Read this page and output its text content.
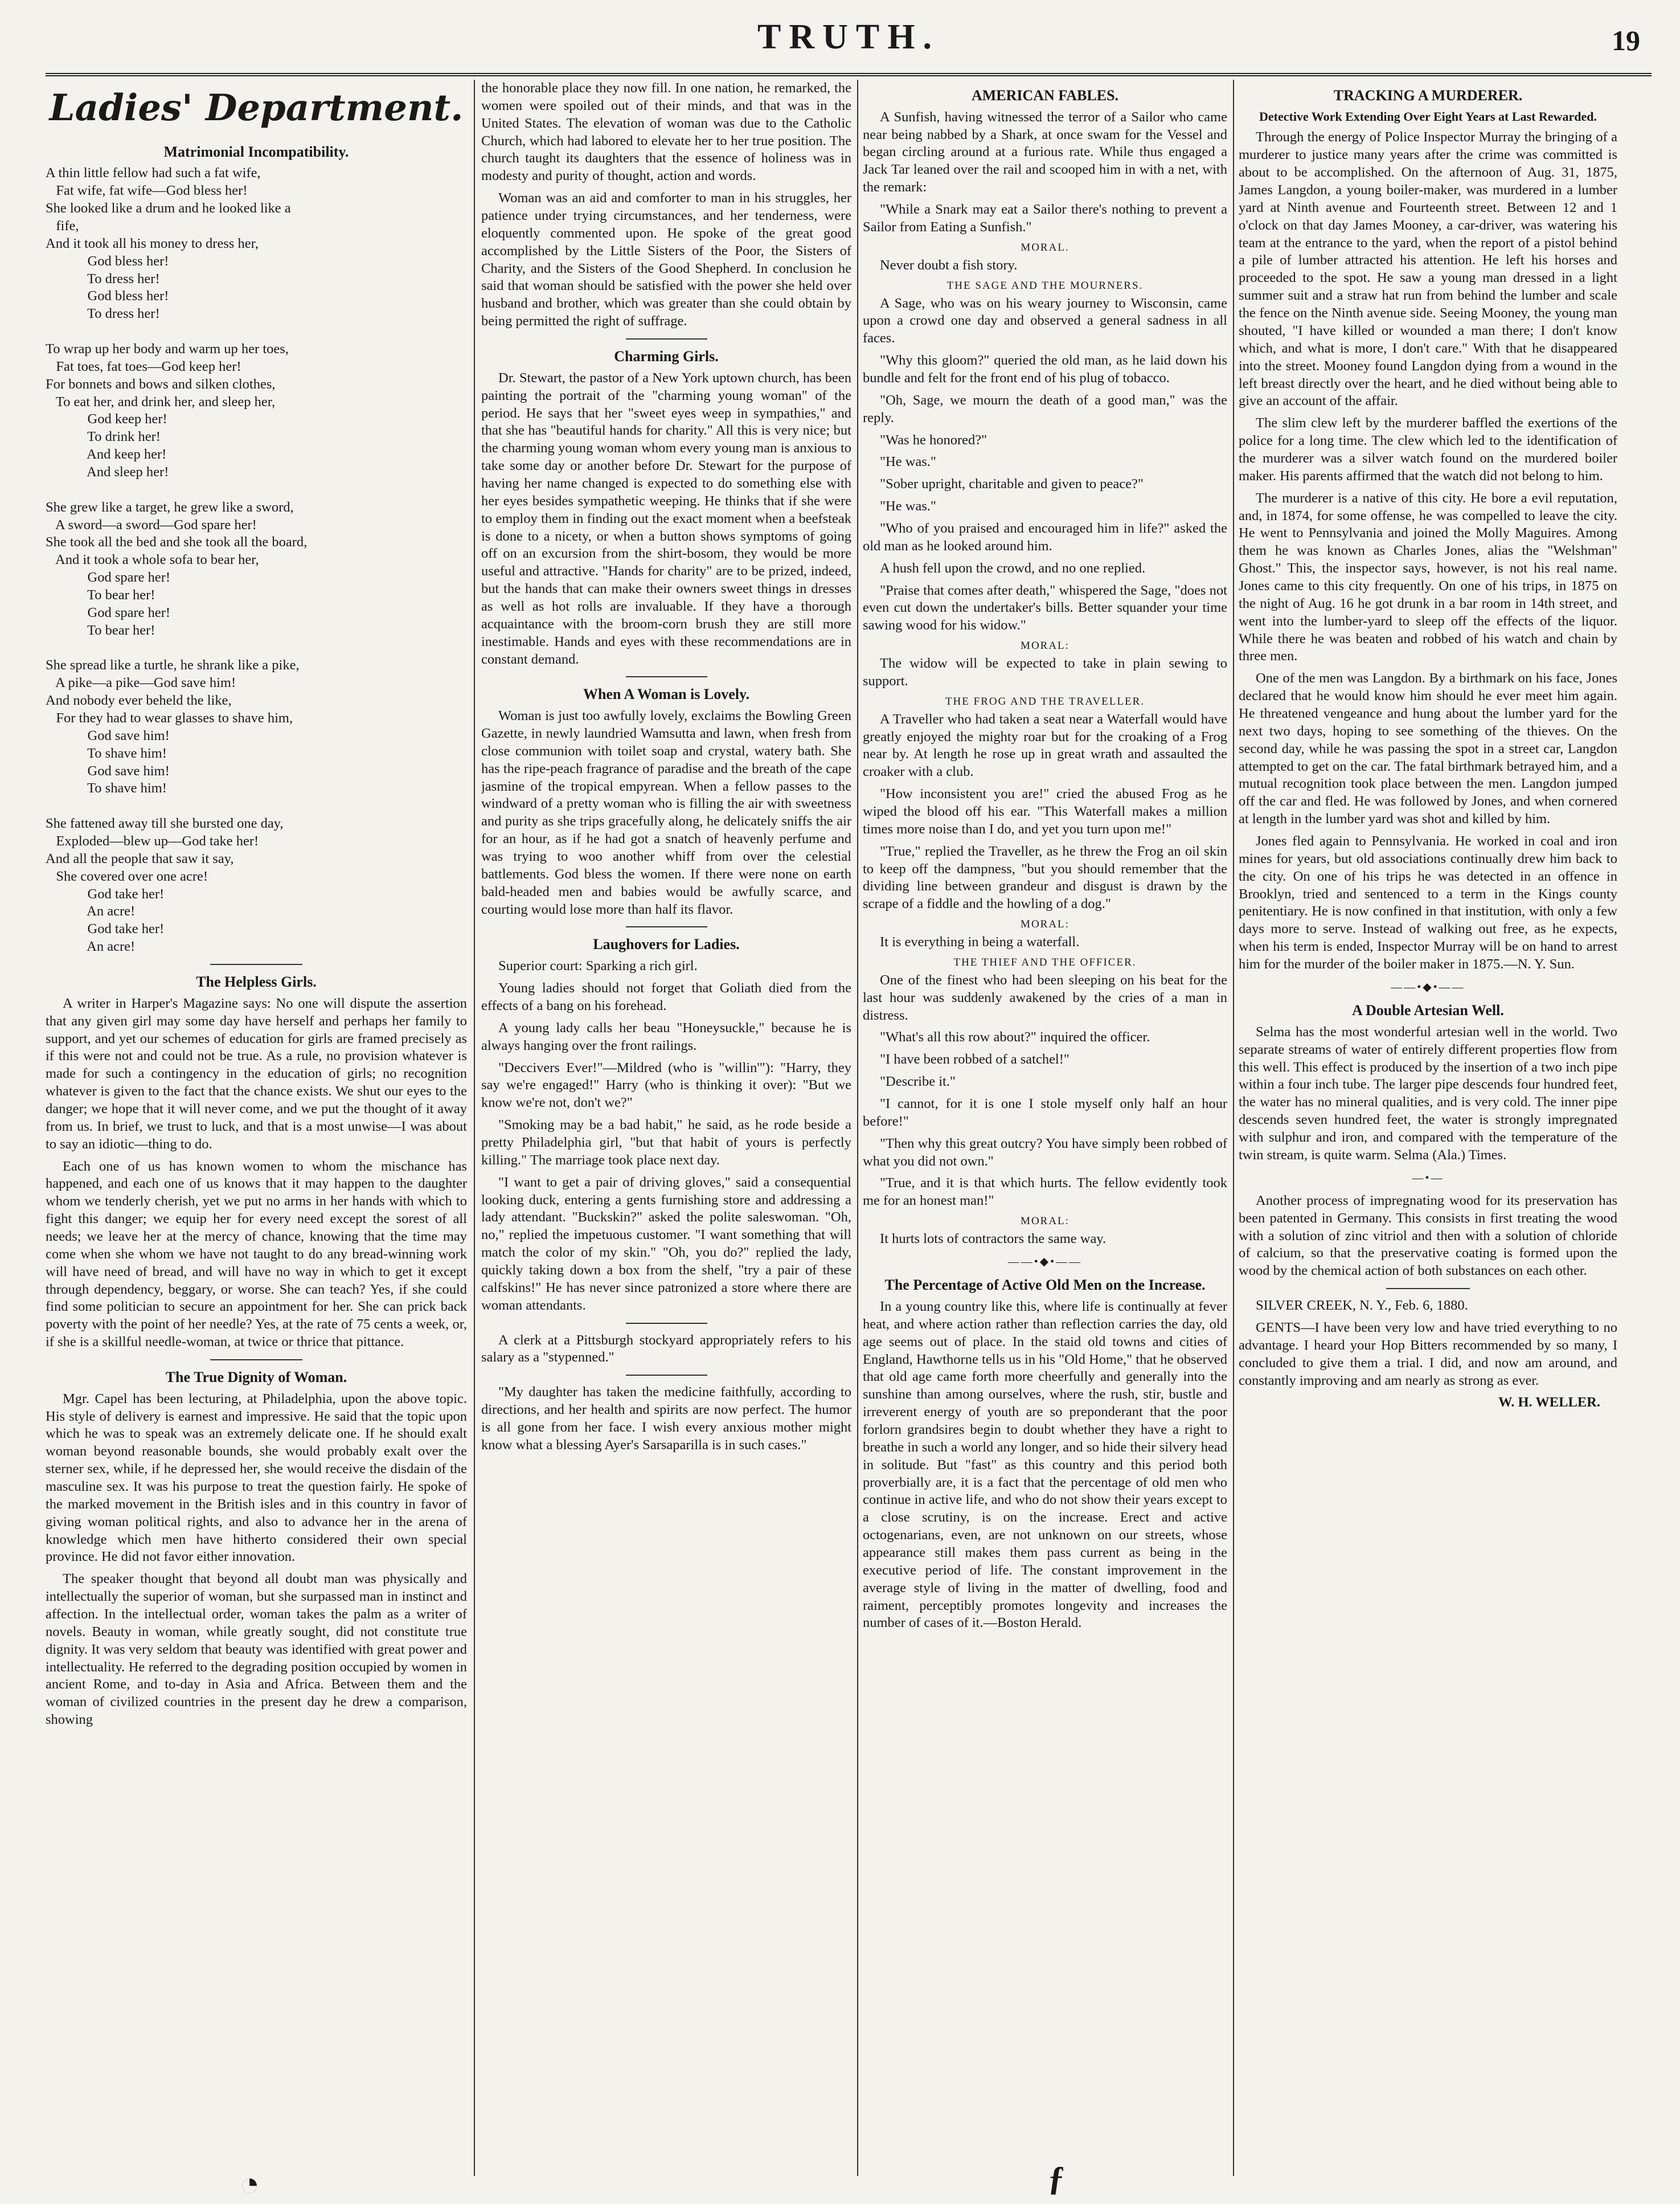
TRUTH.	19
Ladies' Department.
Matrimonial Incompatibility.
A thin little fellow had such a fat wife,
Fat wife, fat wife—God bless her!
She looked like a drum and he looked like a
fife,
And it took all his money to dress her,
God bless her!
To dress her!
God bless her!
To dress her!

To wrap up her body and warm up her toes,
Fat toes, fat toes—God keep her!
For bonnets and bows and silken clothes,
To eat her, and drink her, and sleep her,
God keep her!
To drink her!
And keep her!
And sleep her!

She grew like a target, he grew like a sword,
A sword—a sword—God spare her!
She took all the bed and she took all the board,
And it took a whole sofa to bear her,
God spare her!
To bear her!
God spare her!
To bear her!

She spread like a turtle, he shrank like a pike,
A pike—a pike—God save him!
And nobody ever beheld the like,
For they had to wear glasses to shave him,
God save him!
To shave him!
God save him!
To shave him!

She fattened away till she bursted one day,
Exploded—blew up—God take her!
And all the people that saw it say,
She covered over one acre!
God take her!
An acre!
God take her!
An acre!
The Helpless Girls.

A writer in Harper's Magazine says: No one will dispute the assertion that any given girl may some day have herself and perhaps her family to support, and yet our schemes of education for girls are framed precisely as if this were not and could not be true. As a rule, no provision whatever is made for such a contingency in the education of girls; no recognition whatever is given to the fact that the chance exists. We shut our eyes to the danger; we hope that it will never come, and we put the thought of it away from us. In brief, we trust to luck, and that is a most unwise—I was about to say an idiotic—thing to do.

Each one of us has known women to whom the mischance has happened, and each one of us knows that it may happen to the daughter whom we tenderly cherish, yet we put no arms in her hands with which to fight this danger; we equip her for every need except the sorest of all needs; we leave her at the mercy of chance, knowing that the time may come when she whom we have not taught to do any bread-winning work will have need of bread, and will have no way in which to get it except through dependency, beggary, or worse. She can teach? Yes, if she could find some politician to secure an appointment for her. She can prick back poverty with the point of her needle? Yes, at the rate of 75 cents a week, or, if she is a skillful needle-woman, at twice or thrice that pittance.

The True Dignity of Woman.

Mgr. Capel has been lecturing, at Philadelphia, upon the above topic. His style of delivery is earnest and impressive. He said that the topic upon which he was to speak was an extremely delicate one. If he should exalt woman beyond reasonable bounds, she would probably exalt over the sterner sex, while, if he depressed her, she would receive the disdain of the masculine sex. It was his purpose to treat the question fairly. He spoke of the marked movement in the British isles and in this country in favor of giving woman political rights, and also to advance her in the arena of knowledge which men have hitherto considered their own special province. He did not favor either innovation.

The speaker thought that beyond all doubt man was physically and intellectually the superior of woman, but she surpassed man in instinct and affection. In the intellectual order, woman takes the palm as a writer of novels. Beauty in woman, while greatly sought, did not constitute true dignity. It was very seldom that beauty was identified with great power and intellectuality. He referred to the degrading position occupied by women in ancient Rome, and to-day in Asia and Africa. Between them and the woman of civilized countries in the present day he drew a comparison, showing

the honorable place they now fill. In one nation, he remarked, the women were spoiled out of their minds, and that was in the United States. The elevation of woman was due to the Catholic Church, which had labored to elevate her to her true position. The church taught its daughters that the essence of holiness was in modesty and purity of thought, action and words.

Woman was an aid and comforter to man in his struggles, her patience under trying circumstances, and her tenderness, were eloquently commented upon. He spoke of the great good accomplished by the Little Sisters of the Poor, the Sisters of Charity, and the Sisters of the Good Shepherd. In conclusion he said that woman should be satisfied with the power she held over husband and brother, which was greater than she could obtain by being permitted the right of suffrage.

Charming Girls.

Dr. Stewart, the pastor of a New York uptown church, has been painting the portrait of the "charming young woman" of the period. He says that her "sweet eyes weep in sympathies," and that she has "beautiful hands for charity." All this is very nice; but the charming young woman whom every young man is anxious to take some day or another before Dr. Stewart for the purpose of having her name changed is expected to do something else with her eyes besides sympathetic weeping. He thinks that if she were to employ them in finding out the exact moment when a beefsteak is done to a nicety, or when a button shows symptoms of going off on an excursion from the shirt-bosom, they would be more useful and attractive. "Hands for charity" are to be prized, indeed, but the hands that can make their owners sweet things in dresses as well as hot rolls are invaluable. If they have a thorough acquaintance with the broom-corn brush they are still more inestimable. Hands and eyes with these recommendations are in constant demand.

When A Woman is Lovely.

Woman is just too awfully lovely, exclaims the Bowling Green Gazette, in newly laundried Wamsutta and lawn, when fresh from close communion with toilet soap and crystal, watery bath. She has the ripe-peach fragrance of paradise and the breath of the cape jasmine of the tropical empyrean. When a fellow passes to the windward of a pretty woman who is filling the air with sweetness and purity as she trips gracefully along, he delicately sniffs the air for an hour, as if he had got a snatch of heavenly perfume and was trying to woo another whiff from over the celestial battlements. God bless the women. If there were none on earth bald-headed men and babies would be awfully scarce, and courting would lose more than half its flavor.

Laughovers for Ladies.

Superior court: Sparking a rich girl.

Young ladies should not forget that Goliath died from the effects of a bang on his forehead.

A young lady calls her beau "Honeysuckle," because he is always hanging over the front railings.

"Deccivers Ever!"—Mildred (who is "willin'"): "Harry, they say we're engaged!" Harry (who is thinking it over): "But we know we're not, don't we?"

"Smoking may be a bad habit," he said, as he rode beside a pretty Philadelphia girl, "but that habit of yours is perfectly killing." The marriage took place next day.

"I want to get a pair of driving gloves," said a consequential looking duck, entering a gents furnishing store and addressing a lady attendant. "Buckskin?" asked the polite saleswoman. "Oh, no," replied the impetuous customer. "I want something that will match the color of my skin." "Oh, you do?" replied the lady, quickly taking down a box from the shelf, "try a pair of these calfskins!" He has never since patronized a store where there are woman attendants.

A clerk at a Pittsburgh stockyard appropriately refers to his salary as a "stypenned."

"My daughter has taken the medicine faithfully, according to directions, and her health and spirits are now perfect. The humor is all gone from her face. I wish every anxious mother might know what a blessing Ayer's Sarsaparilla is in such cases."

AMERICAN FABLES.

A Sunfish, having witnessed the terror of a Sailor who came near being nabbed by a Shark, at once swam for the Vessel and began circling around at a furious rate. While thus engaged a Jack Tar leaned over the rail and scooped him in with a net, with the remark:

"While a Snark may eat a Sailor there's nothing to prevent a Sailor from Eating a Sunfish."

MORAL.

Never doubt a fish story.

THE SAGE AND THE MOURNERS.

A Sage, who was on his weary journey to Wisconsin, came upon a crowd one day and observed a general sadness in all faces.

"Why this gloom?" queried the old man, as he laid down his bundle and felt for the front end of his plug of tobacco.

"Oh, Sage, we mourn the death of a good man," was the reply.

"Was he honored?"

"He was."

"Sober upright, charitable and given to peace?"

"He was."

"Who of you praised and encouraged him in life?" asked the old man as he looked around him.

A hush fell upon the crowd, and no one replied.

"Praise that comes after death," whispered the Sage, "does not even cut down the undertaker's bills. Better squander your time sawing wood for his widow."

MORAL:

The widow will be expected to take in plain sewing to support.

THE FROG AND THE TRAVELLER.

A Traveller who had taken a seat near a Waterfall would have greatly enjoyed the mighty roar but for the croaking of a Frog near by. At length he rose up in great wrath and assaulted the croaker with a club.

"How inconsistent you are!" cried the abused Frog as he wiped the blood off his ear. "This Waterfall makes a million times more noise than I do, and yet you turn upon me!"

"True," replied the Traveller, as he threw the Frog an oil skin to keep off the dampness, "but you should remember that the dividing line between grandeur and disgust is drawn by the scrape of a fiddle and the howling of a dog."

MORAL:

It is everything in being a waterfall.

THE THIEF AND THE OFFICER.

One of the finest who had been sleeping on his beat for the last hour was suddenly awakened by the cries of a man in distress.

"What's all this row about?" inquired the officer.

"I have been robbed of a satchel!"

"Describe it."

"I cannot, for it is one I stole myself only half an hour before!"

"Then why this great outcry? You have simply been robbed of what you did not own."

"True, and it is that which hurts. The fellow evidently took me for an honest man!"

MORAL:

It hurts lots of contractors the same way.

——•◆•——
The Percentage of Active Old Men on the Increase.

In a young country like this, where life is continually at fever heat, and where action rather than reflection carries the day, old age seems out of place. In the staid old towns and cities of England, Hawthorne tells us in his "Old Home," that he observed that old age came forth more cheerfully and generally into the sunshine than among ourselves, where the rush, stir, bustle and irreverent energy of youth are so preponderant that the poor forlorn grandsires begin to doubt whether they have a right to breathe in such a world any longer, and so hide their silvery head in solitude. But "fast" as this country and this period both proverbially are, it is a fact that the percentage of old men who continue in active life, and who do not show their years except to a close scrutiny, is on the increase. Erect and active octogenarians, even, are not unknown on our streets, whose appearance still makes them pass current as being in the executive period of life. The constant improvement in the average style of living in the matter of dwelling, food and raiment, perceptibly promotes longevity and increases the number of cases of it.—Boston Herald.

TRACKING A MURDERER.
Detective Work Extending Over Eight Years at Last Rewarded.

Through the energy of Police Inspector Murray the bringing of a murderer to justice many years after the crime was committed is about to be accomplished. On the afternoon of Aug. 31, 1875, James Langdon, a young boiler-maker, was murdered in a lumber yard at Ninth avenue and Fourteenth street. Between 12 and 1 o'clock on that day James Mooney, a car-driver, was watering his team at the entrance to the yard, when the report of a pistol behind a pile of lumber attracted his attention. He left his horses and proceeded to the spot. He saw a young man dressed in a light summer suit and a straw hat run from behind the lumber and scale the fence on the Ninth avenue side. Seeing Mooney, the young man shouted, "I have killed or wounded a man there; I don't know which, and what is more, I don't care." With that he disappeared into the street. Mooney found Langdon dying from a wound in the left breast directly over the heart, and he died without being able to give an account of the affair.

The slim clew left by the murderer baffled the exertions of the police for a long time. The clew which led to the identification of the murderer was a silver watch found on the murdered boiler maker. His parents affirmed that the watch did not belong to him.

The murderer is a native of this city. He bore a evil reputation, and, in 1874, for some offense, he was compelled to leave the city. He went to Pennsylvania and joined the Molly Maguires. Among them he was known as Charles Jones, alias the "Welshman" Ghost." This, the inspector says, however, is not his real name. Jones came to this city frequently. On one of his trips, in 1875 on the night of Aug. 16 he got drunk in a bar room in 14th street, and went into the lumber-yard to sleep off the effects of the liquor. While there he was beaten and robbed of his watch and chain by three men.

One of the men was Langdon. By a birthmark on his face, Jones declared that he would know him should he ever meet him again. He threatened vengeance and hung about the lumber yard for the next two days, hoping to see something of the thieves. On the second day, while he was passing the spot in a street car, Langdon attempted to get on the car. The fatal birthmark betrayed him, and a mutual recognition took place between the men. Langdon jumped off the car and fled. He was followed by Jones, and when cornered at length in the lumber yard was shot and killed by him.

Jones fled again to Pennsylvania. He worked in coal and iron mines for years, but old associations continually drew him back to the city. On one of his trips he was detected in an offence in Brooklyn, tried and sentenced to a term in the Kings county penitentiary. He is now confined in that institution, with only a few days more to serve. Instead of walking out free, as he expects, when his term is ended, Inspector Murray will be on hand to arrest him for the murder of the boiler maker in 1875.—N. Y. Sun.

——•◆•——
A Double Artesian Well.

Selma has the most wonderful artesian well in the world. Two separate streams of water of entirely different properties flow from this well. This effect is produced by the insertion of a two inch pipe within a four inch tube. The larger pipe descends four hundred feet, the water has no mineral qualities, and is very cold. The inner pipe descends seven hundred feet, the water is strongly impregnated with sulphur and iron, and compared with the temperature of the twin stream, is quite warm. Selma (Ala.) Times.

—•—

Another process of impregnating wood for its preservation has been patented in Germany. This consists in first treating the wood with a solution of zinc vitriol and then with a solution of chloride of calcium, so that the preservative coating is formed upon the wood by the chemical action of both substances on each other.

SILVER CREEK, N. Y., Feb. 6, 1880.

GENTS—I have been very low and have tried everything to no advantage. I heard your Hop Bitters recommended by so many, I concluded to give them a trial. I did, and now am around, and constantly improving and am nearly as strong as ever.

W. H. WELLER.
ƒ
◔
